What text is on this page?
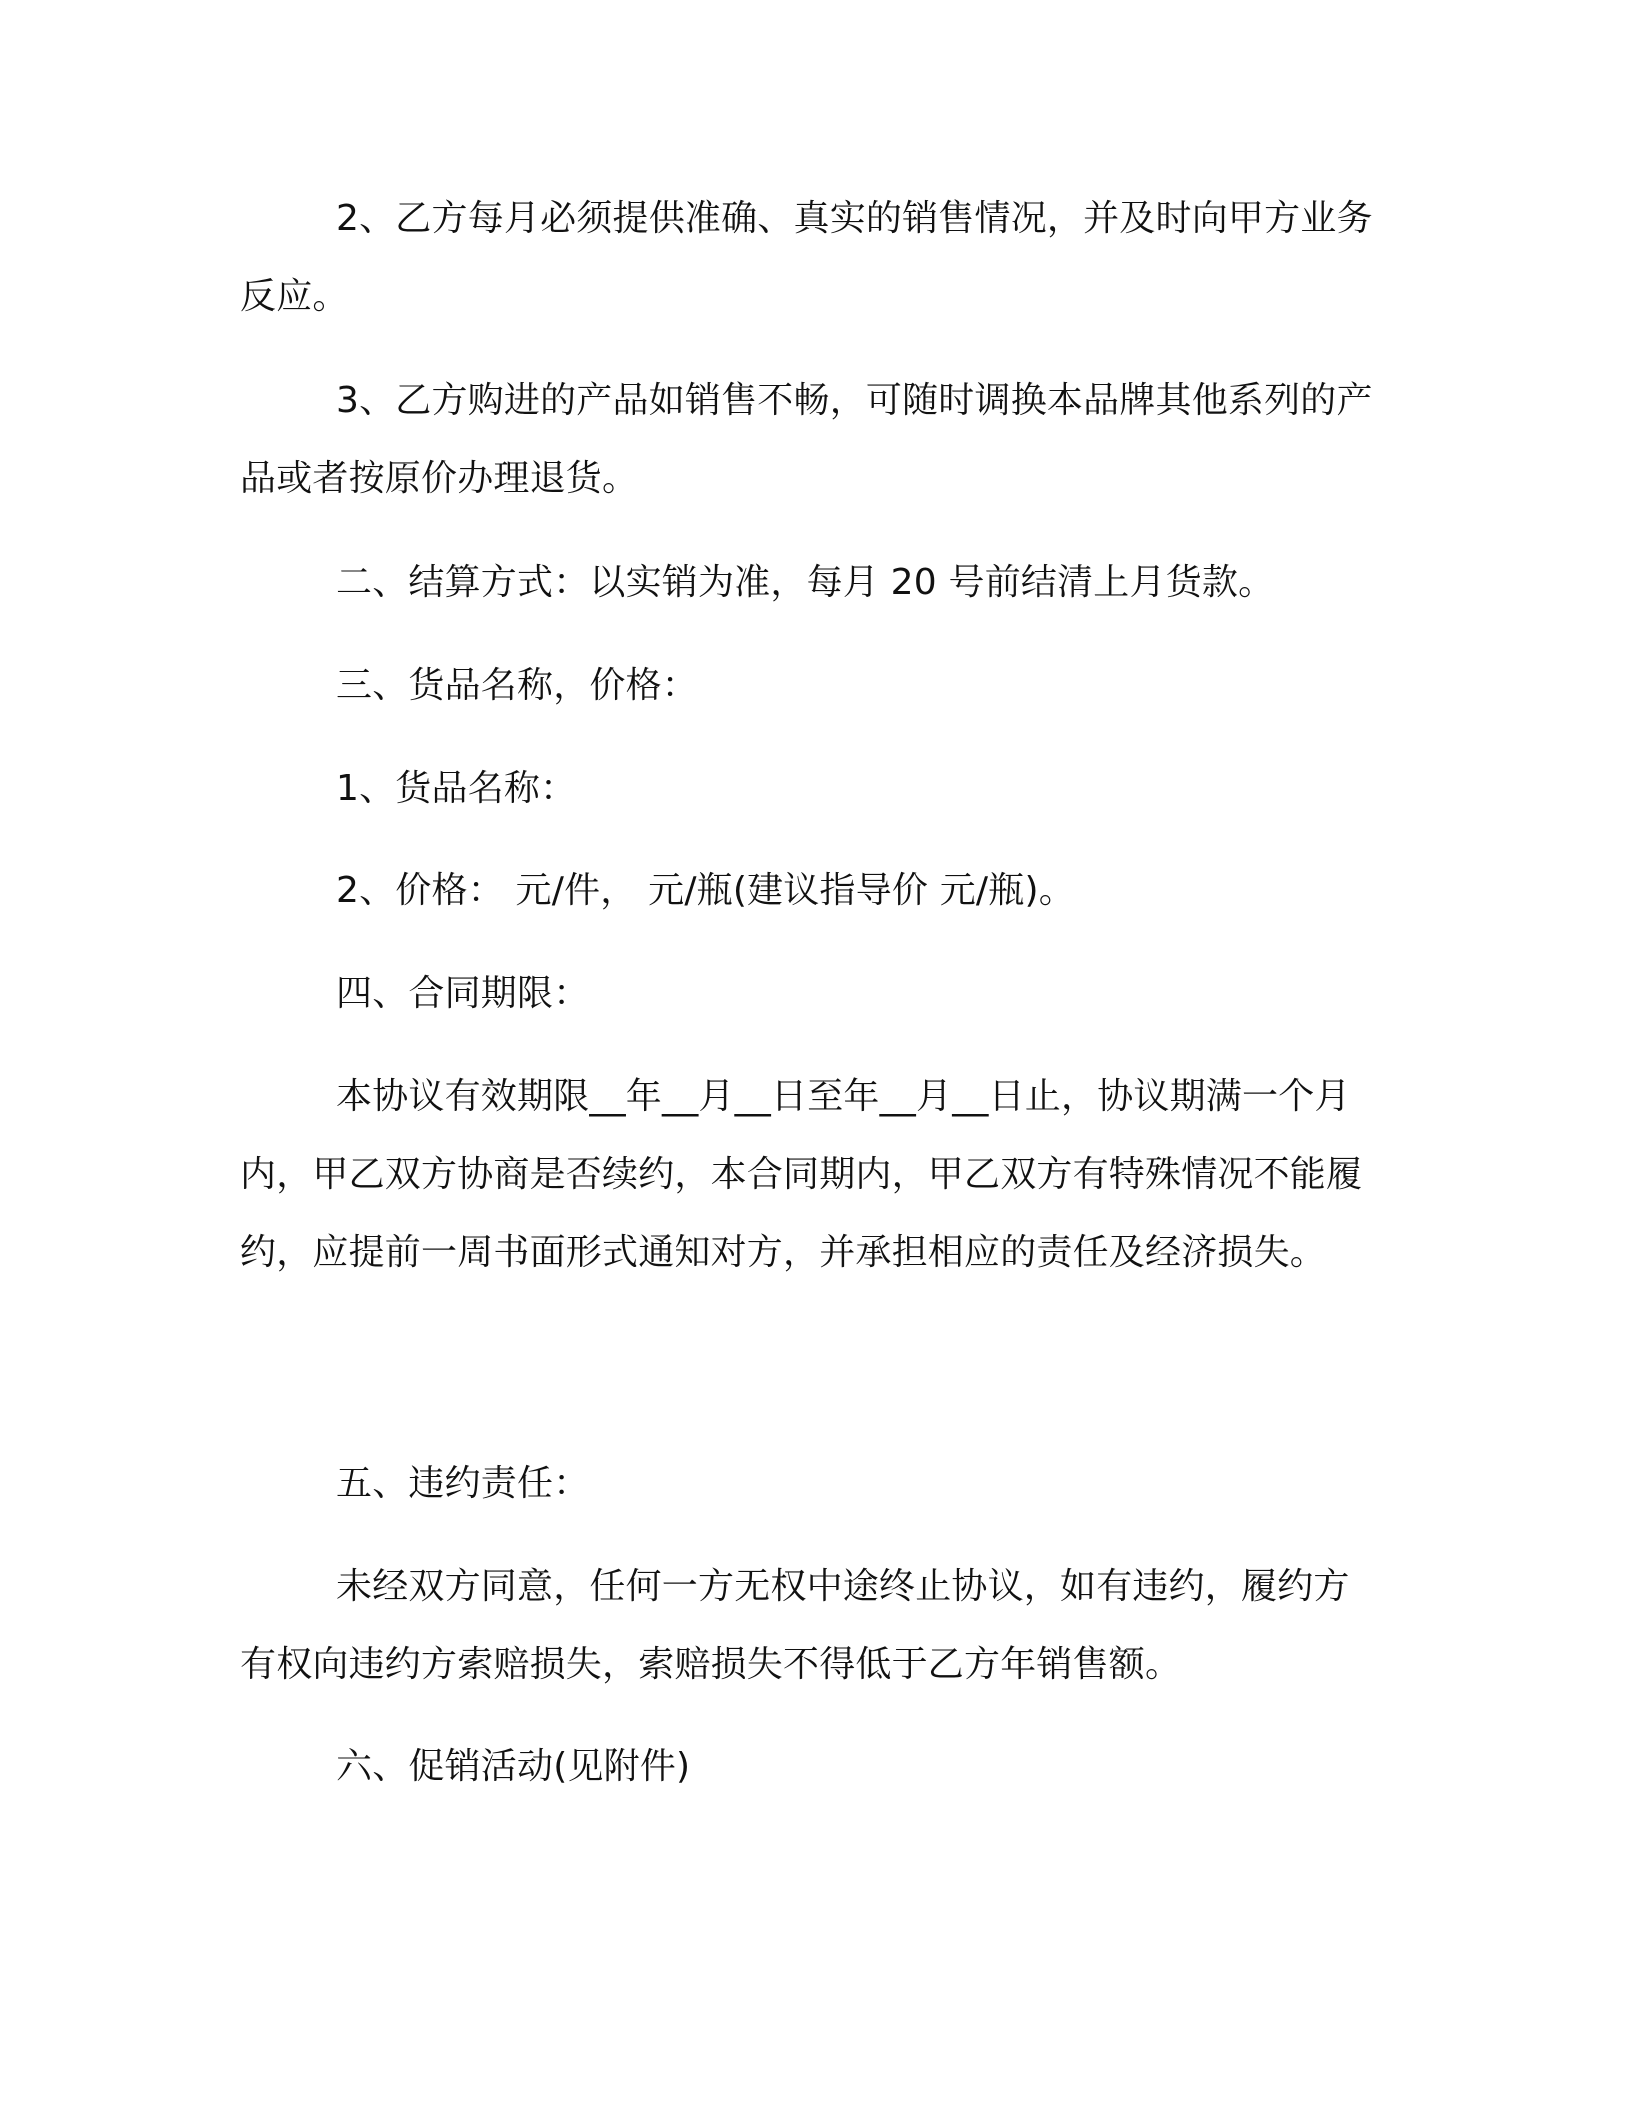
2、乙方每月必须提供准确、真实的销售情况，并及时向甲方业务反应。

3、乙方购进的产品如销售不畅，可随时调换本品牌其他系列的产品或者按原价办理退货。

二、结算方式：以实销为准，每月 20 号前结清上月货款。

三、货品名称，价格：

1、货品名称：

2、价格： 元/件， 元/瓶(建议指导价 元/瓶)。

四、合同期限：

本协议有效期限__年__月__日至年__月__日止，协议期满一个月内，甲乙双方协商是否续约，本合同期内，甲乙双方有特殊情况不能履约，应提前一周书面形式通知对方，并承担相应的责任及经济损失。

五、违约责任：

未经双方同意，任何一方无权中途终止协议，如有违约，履约方有权向违约方索赔损失，索赔损失不得低于乙方年销售额。

六、促销活动(见附件)
